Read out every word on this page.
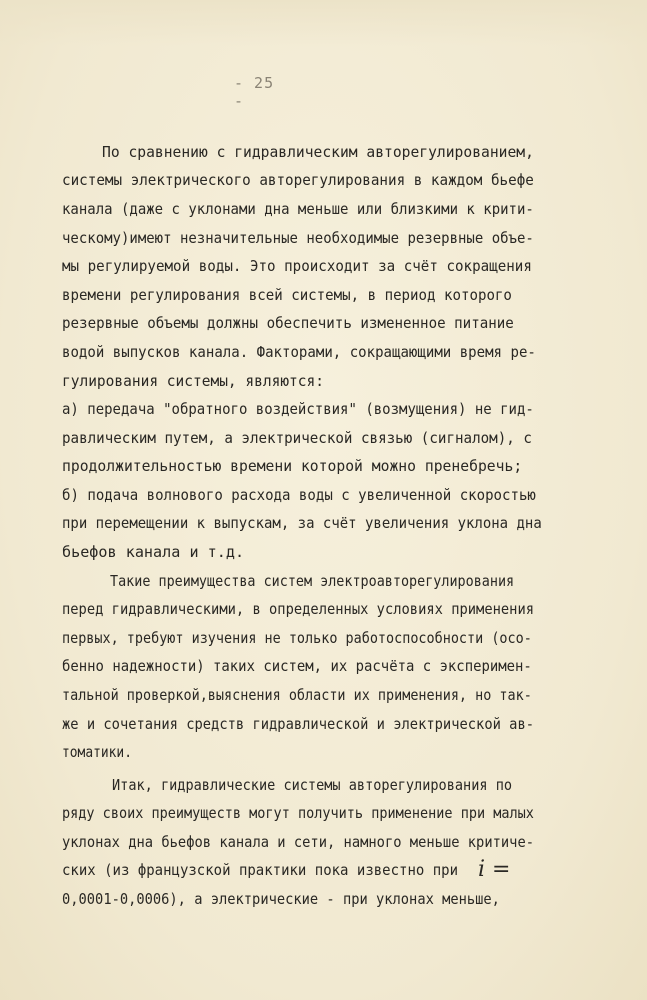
- 25 -
По сравнению с гидравлическим авторегулированием,
системы электрического авторегулирования в каждом бьефе
канала (даже с уклонами дна меньше или близкими к крити-
ческому)имеют незначительные необходимые резервные объе-
мы регулируемой воды. Это происходит за счёт сокращения
времени регулирования всей системы, в период которого
резервные объемы должны обеспечить измененное питание
водой выпусков канала. Факторами, сокращающими время ре-
гулирования системы, являются:
а) передача "обратного воздействия" (возмущения) не гид-
равлическим путем, а электрической связью (сигналом), с
продолжительностью времени которой можно пренебречь;
б) подача волнового расхода воды с увеличенной скоростью
при перемещении к выпускам, за счёт увеличения уклона дна
бьефов канала и т.д.
Такие преимущества систем электроавторегулирования
перед гидравлическими, в определенных условиях применения
первых, требуют изучения не только работоспособности (осо-
бенно надежности) таких систем, их расчёта с эксперимен-
тальной проверкой,выяснения области их применения, но так-
же и сочетания средств гидравлической и электрической ав-
томатики.
Итак, гидравлические системы авторегулирования по
ряду своих преимуществ могут получить применение при малых
уклонах дна бьефов канала и сети, намного меньше критиче-
ских (из французской практики пока известно при
0,0001-0,0006), а электрические - при уклонах меньше,
i =
